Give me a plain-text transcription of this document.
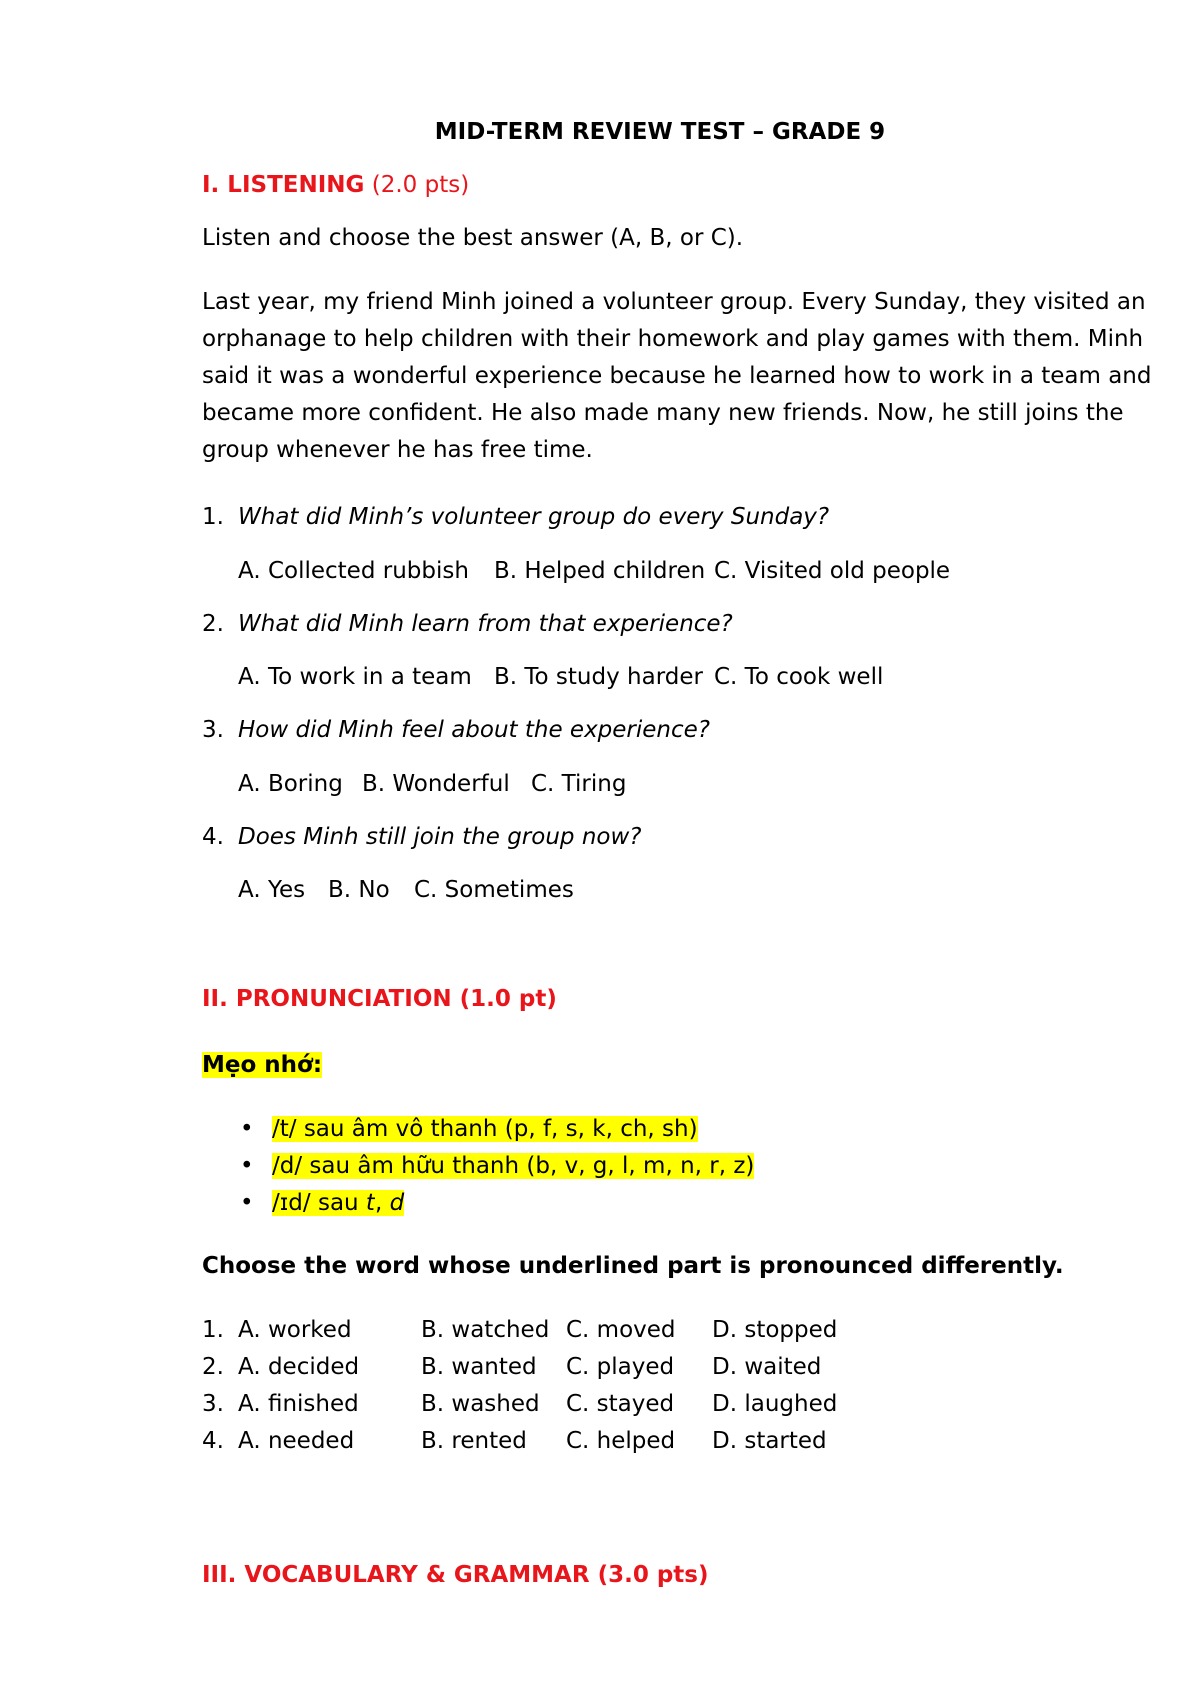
MID-TERM REVIEW TEST – GRADE 9
I. LISTENING (2.0 pts)
Listen and choose the best answer (A, B, or C).
Last year, my friend Minh joined a volunteer group. Every Sunday, they visited an
orphanage to help children with their homework and play games with them. Minh
said it was a wonderful experience because he learned how to work in a team and
became more confident. He also made many new friends. Now, he still joins the
group whenever he has free time.
1. What did Minh’s volunteer group do every Sunday?
A. Collected rubbish B. Helped children C. Visited old people
2. What did Minh learn from that experience?
A. To work in a team B. To study harder C. To cook well
3. How did Minh feel about the experience?
A. Boring B. Wonderful C. Tiring
4. Does Minh still join the group now?
A. Yes B. No C. Sometimes
II. PRONUNCIATION (1.0 pt)
Mẹo nhớ:
• /t/ sau âm vô thanh (p, f, s, k, ch, sh)
• /d/ sau âm hữu thanh (b, v, g, l, m, n, r, z)
• /ɪd/ sau t, d
Choose the word whose underlined part is pronounced differently.
1. A. worked	B. watched C. moved D. stopped
2. A. decided	B. wanted C. played D. waited
3. A. finished	B. washed C. stayed D. laughed
4. A. needed	B. rented C. helped D. started
III. VOCABULARY & GRAMMAR (3.0 pts)
